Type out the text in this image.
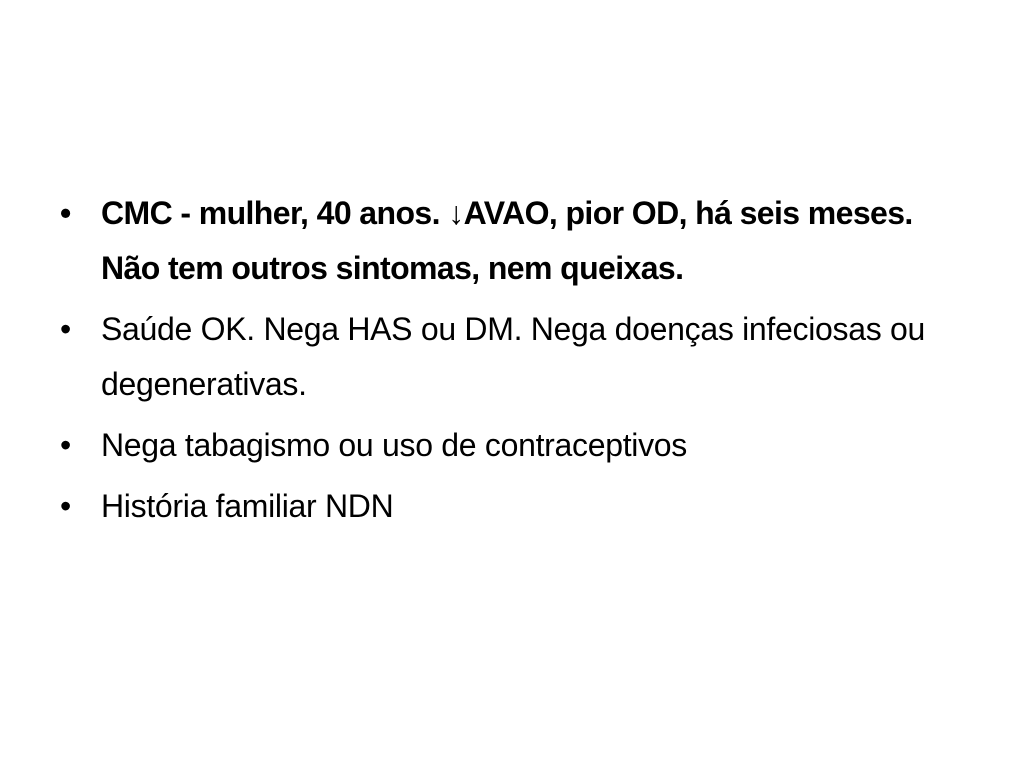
• CMC - mulher, 40 anos. ↓AVAO, pior OD, há seis meses. Não tem outros sintomas, nem queixas.
• Saúde OK. Nega HAS ou DM. Nega doenças infeciosas ou degenerativas.
• Nega tabagismo ou uso de contraceptivos
• História familiar NDN
